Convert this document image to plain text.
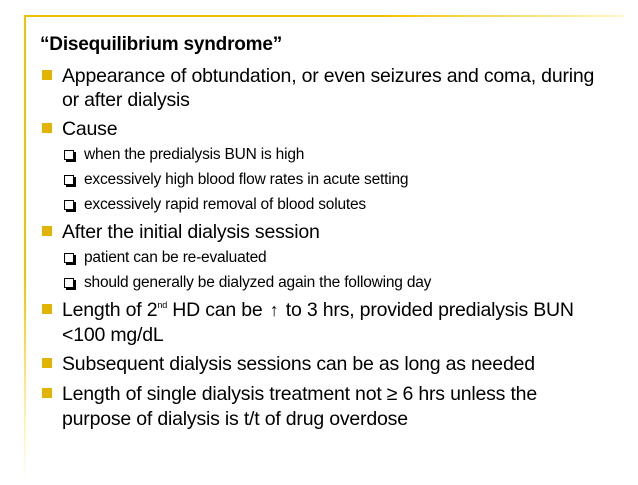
“Disequilibrium syndrome”
Appearance of obtundation, or even seizures and coma, during
or after dialysis
Cause
when the predialysis BUN is high
excessively high blood flow rates in acute setting
excessively rapid removal of blood solutes
After the initial dialysis session
patient can be re-evaluated
should generally be dialyzed again the following day
Length of 2nd HD can be ↑ to 3 hrs, provided predialysis BUN
<100 mg/dL
Subsequent dialysis sessions can be as long as needed
Length of single dialysis treatment not ≥ 6 hrs unless the
purpose of dialysis is t/t of drug overdose
